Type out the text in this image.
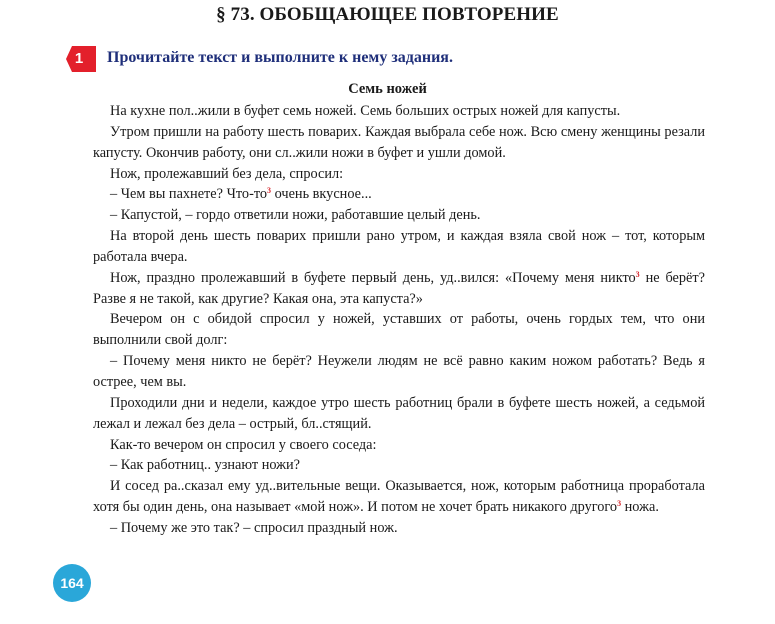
§ 73. ОБОБЩАЮЩЕЕ ПОВТОРЕНИЕ
1	Прочитайте текст и выполните к нему задания.

Семь ножей

На кухне пол..жили в буфет семь ножей. Семь больших острых ножей для капусты.

Утром пришли на работу шесть поварих. Каждая выбрала себе нож. Всю смену женщины резали капусту. Окончив работу, они сл..жили ножи в буфет и ушли домой.

Нож, пролежавший без дела, спросил:

– Чем вы пахнете? Что-$то^3$ очень вкусное...

– Капустой, – гордо ответили ножи, работавшие целый день.

На второй день шесть поварих пришли рано утром, и каждая взяла свой нож – тот, которым работала вчера.

Нож, праздно пролежавший в буфете первый день, уд..вился: «Почему меня никто$^3$ не берёт? Разве я не такой, как другие? Какая она, эта капуста?»

Вечером он с обидой спросил у ножей, уставших от работы, очень гордых тем, что они выполнили свой долг:

– Почему меня никто не берёт? Неужели людям не всё равно каким ножом работать? Ведь я острее, чем вы.

Проходили дни и недели, каждое утро шесть работниц брали в буфете шесть ножей, а седьмой лежал и лежал без дела – острый, бл..стящий.

Как-то вечером он спросил у своего соседа:

– Как работниц.. узнают ножи?

И сосед ра..сказал ему уд..вительные вещи. Оказывается, нож, которым работница проработала хотя бы один день, она называет «мой нож». И потом не хочет брать никакого другого$^3$ ножа.

– Почему же это так? – спросил праздный нож.

164
